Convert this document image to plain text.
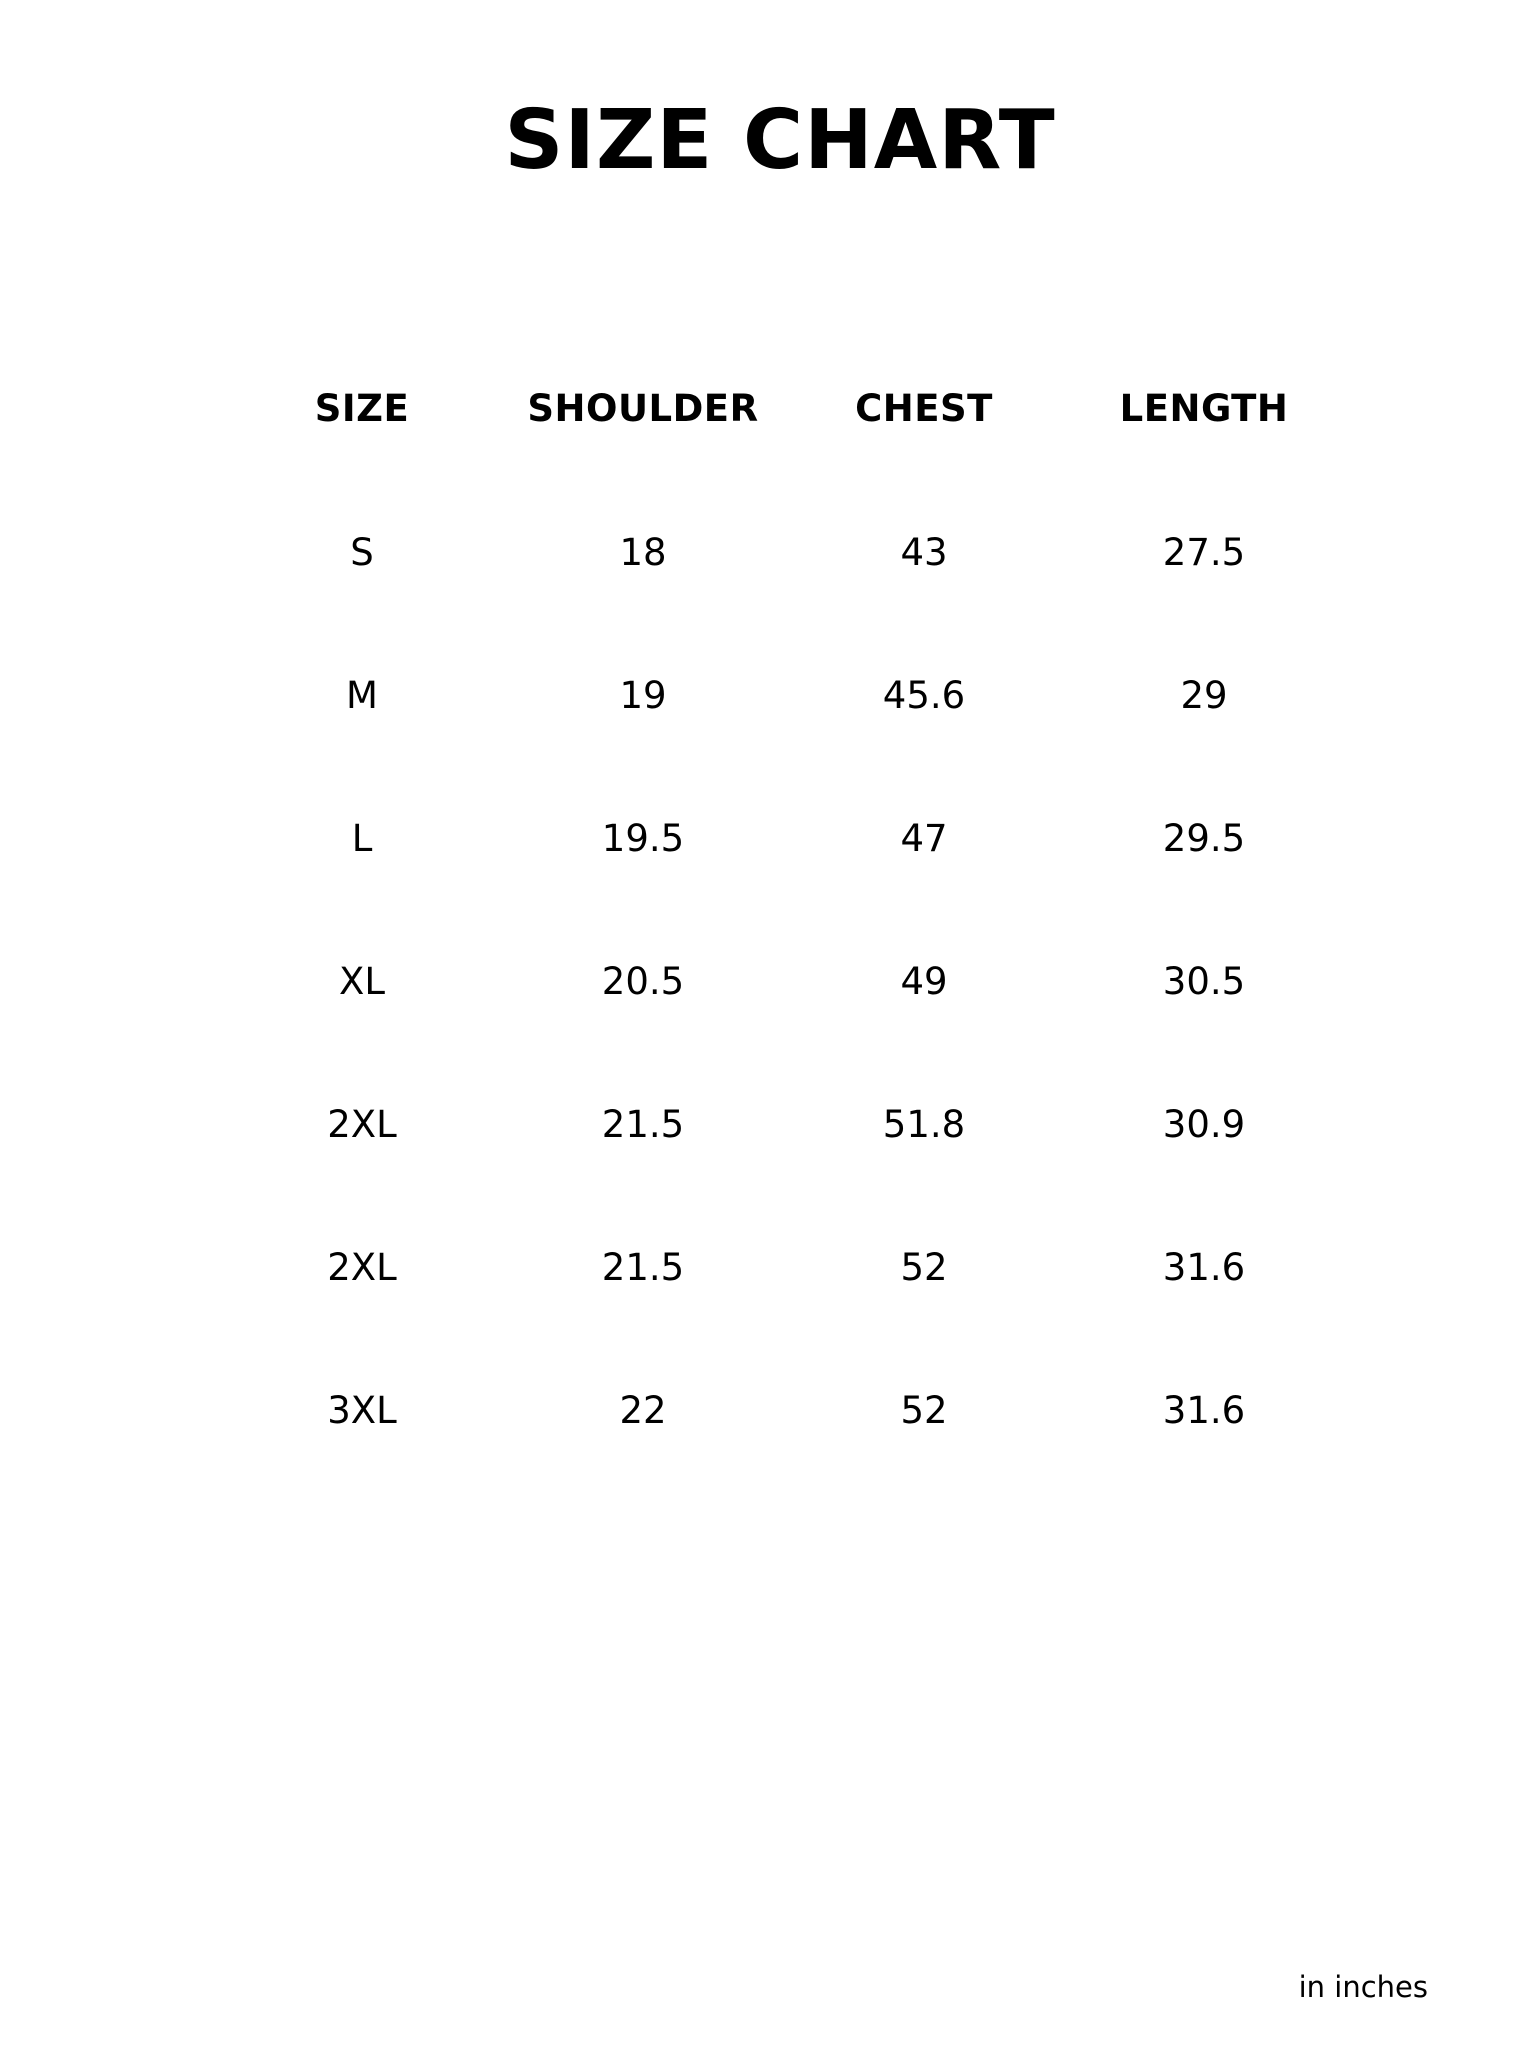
SIZE CHART
SIZE	SHOULDER	CHEST	LENGTH
S	18	43	27.5
M	19	45.6	29
L	19.5	47	29.5
XL	20.5	49	30.5
2XL	21.5	51.8	30.9
2XL	21.5	52	31.6
3XL	22	52	31.6
in inches
